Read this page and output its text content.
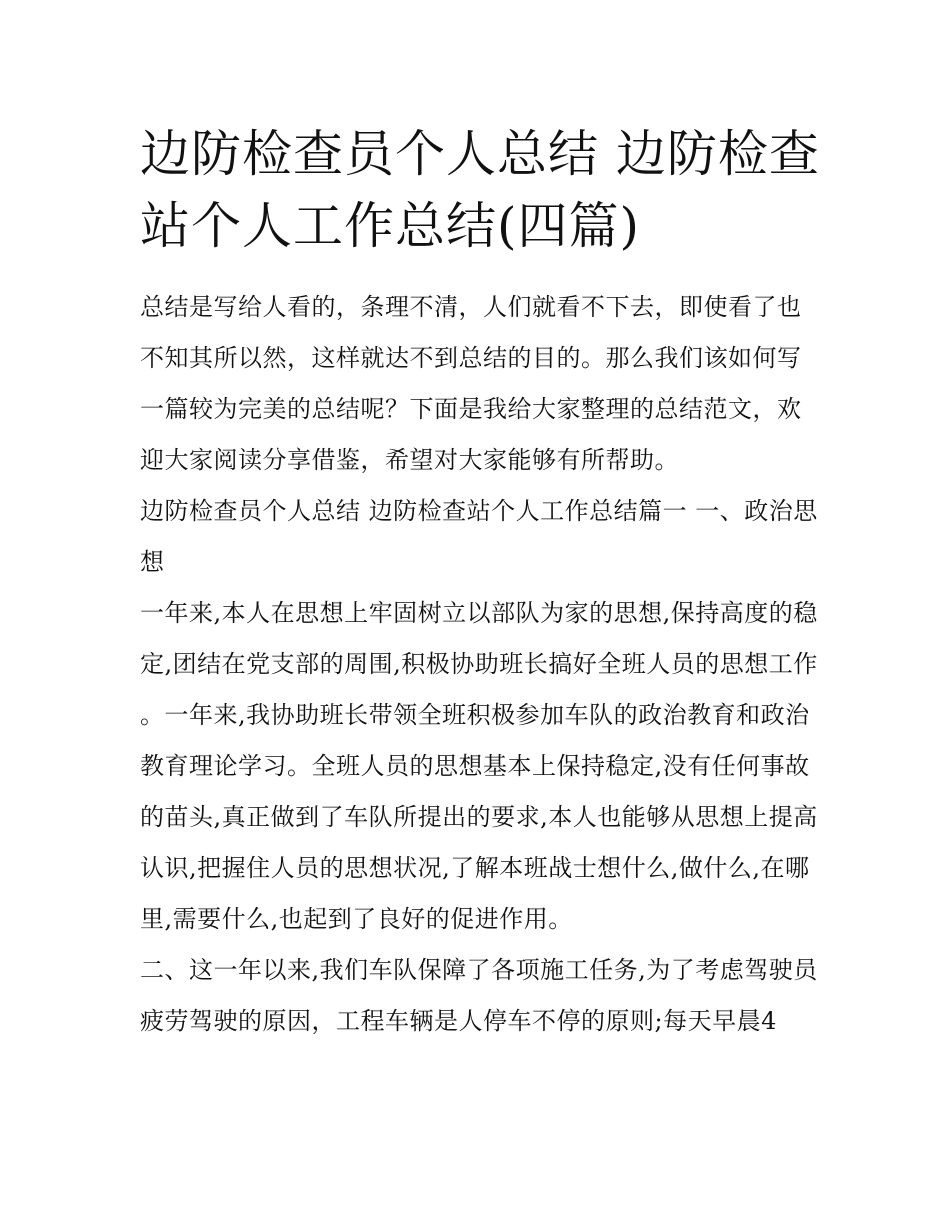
边防检查员个人总结 边防检查站个人工作总结(四篇)

总结是写给人看的，条理不清，人们就看不下去，即使看了也不知其所以然，这样就达不到总结的目的。那么我们该如何写一篇较为完美的总结呢？下面是我给大家整理的总结范文，欢迎大家阅读分享借鉴，希望对大家能够有所帮助。

边防检查员个人总结 边防检查站个人工作总结篇一 一、政治思想

一年来,本人在思想上牢固树立以部队为家的思想,保持高度的稳定,团结在党支部的周围,积极协助班长搞好全班人员的思想工作

。一年来,我协助班长带领全班积极参加车队的政治教育和政治教育理论学习。全班人员的思想基本上保持稳定,没有任何事故的苗头,真正做到了车队所提出的要求,本人也能够从思想上提高认识,把握住人员的思想状况,了解本班战士想什么,做什么,在哪里,需要什么,也起到了良好的促进作用。

二、这一年以来,我们车队保障了各项施工任务,为了考虑驾驶员疲劳驾驶的原因，工程车辆是人停车不停的原则;每天早晨4
